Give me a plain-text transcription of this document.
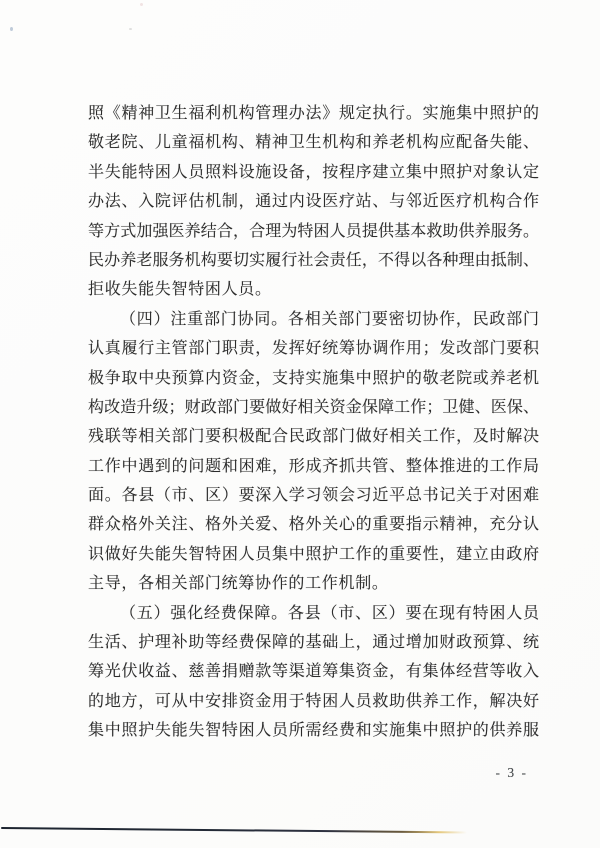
照《精神卫生福利机构管理办法》规定执行。实施集中照护的
敬老院、儿童福机构、精神卫生机构和养老机构应配备失能、
半失能特困人员照料设施设备，按程序建立集中照护对象认定
办法、入院评估机制，通过内设医疗站、与邻近医疗机构合作
等方式加强医养结合，合理为特困人员提供基本救助供养服务。
民办养老服务机构要切实履行社会责任，不得以各种理由抵制、
拒收失能失智特困人员。
（四）注重部门协同。各相关部门要密切协作，民政部门
认真履行主管部门职责，发挥好统筹协调作用；发改部门要积
极争取中央预算内资金，支持实施集中照护的敬老院或养老机
构改造升级；财政部门要做好相关资金保障工作；卫健、医保、
残联等相关部门要积极配合民政部门做好相关工作，及时解决
工作中遇到的问题和困难，形成齐抓共管、整体推进的工作局
面。各县（市、区）要深入学习领会习近平总书记关于对困难
群众格外关注、格外关爱、格外关心的重要指示精神，充分认
识做好失能失智特困人员集中照护工作的重要性，建立由政府
主导，各相关部门统筹协作的工作机制。
（五）强化经费保障。各县（市、区）要在现有特困人员
生活、护理补助等经费保障的基础上，通过增加财政预算、统
筹光伏收益、慈善捐赠款等渠道筹集资金，有集体经营等收入
的地方，可从中安排资金用于特困人员救助供养工作，解决好
集中照护失能失智特困人员所需经费和实施集中照护的供养服
- 3 -
